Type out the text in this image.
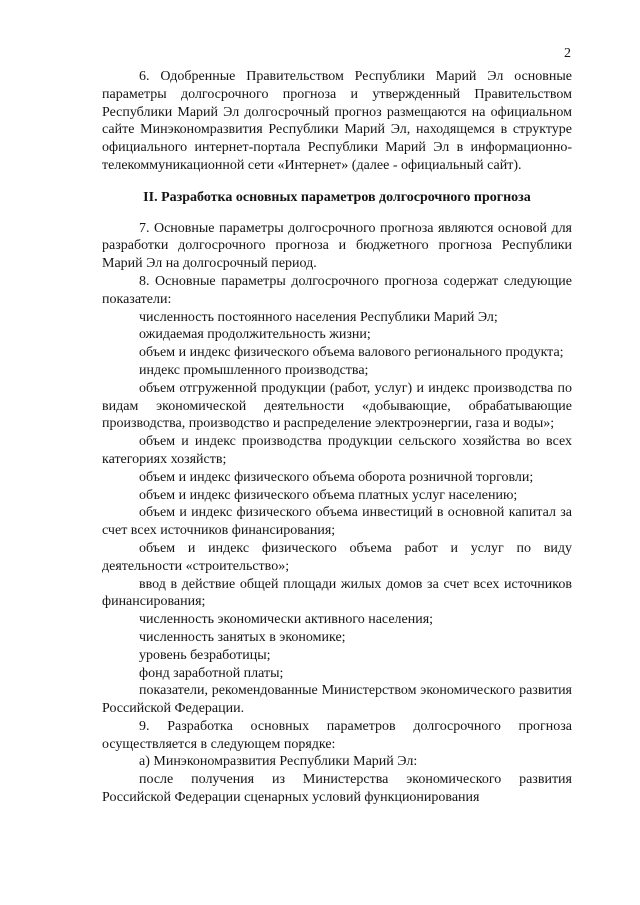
2

6. Одобренные Правительством Республики Марий Эл основные параметры долгосрочного прогноза и утвержденный Правительством Республики Марий Эл долгосрочный прогноз размещаются на официальном сайте Минэкономразвития Республики Марий Эл, находящемся в структуре официального интернет-портала Республики Марий Эл в информационно-телекоммуникационной сети «Интернет» (далее - официальный сайт).

II. Разработка основных параметров долгосрочного прогноза

7. Основные параметры долгосрочного прогноза являются основой для разработки долгосрочного прогноза и бюджетного прогноза Республики Марий Эл на долгосрочный период.

8. Основные параметры долгосрочного прогноза содержат следующие показатели:

численность постоянного населения Республики Марий Эл;

ожидаемая продолжительность жизни;

объем и индекс физического объема валового регионального продукта;

индекс промышленного производства;

объем отгруженной продукции (работ, услуг) и индекс производства по видам экономической деятельности «добывающие, обрабатывающие производства, производство и распределение электроэнергии, газа и воды»;

объем и индекс производства продукции сельского хозяйства во всех категориях хозяйств;

объем и индекс физического объема оборота розничной торговли;

объем и индекс физического объема платных услуг населению;

объем и индекс физического объема инвестиций в основной капитал за счет всех источников финансирования;

объем и индекс физического объема работ и услуг по виду деятельности «строительство»;

ввод в действие общей площади жилых домов за счет всех источников финансирования;

численность экономически активного населения;

численность занятых в экономике;

уровень безработицы;

фонд заработной платы;

показатели, рекомендованные Министерством экономического развития Российской Федерации.

9. Разработка основных параметров долгосрочного прогноза осуществляется в следующем порядке:

а) Минэкономразвития Республики Марий Эл:

после получения из Министерства экономического развития Российской Федерации сценарных условий функционирования
